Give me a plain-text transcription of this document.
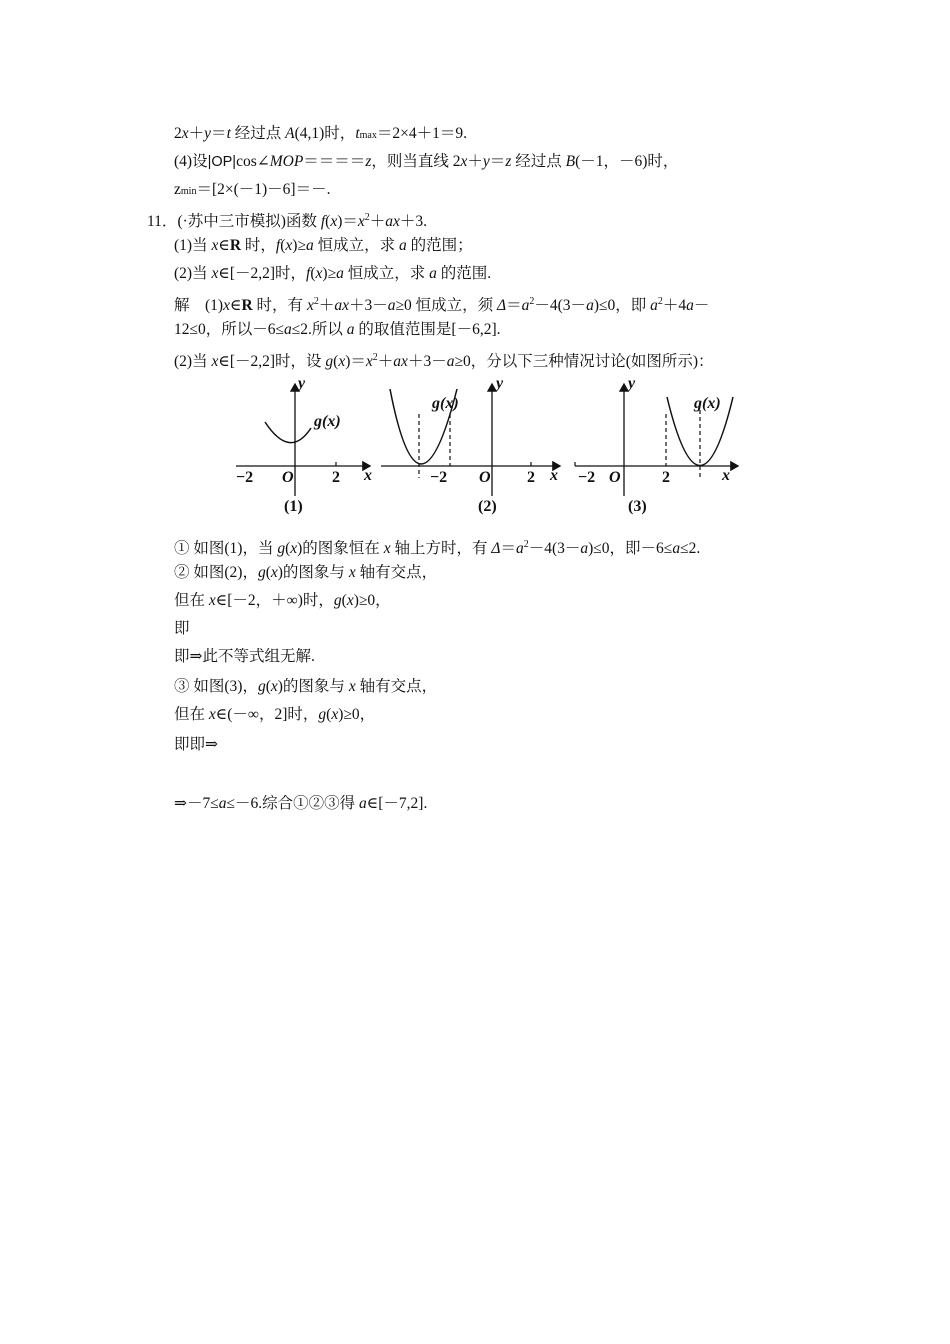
2x＋y＝t 经过点 A(4,1)时，tmax＝2×4＋1＝9.
(4)设|OP|cos∠MOP＝＝＝＝z，则当直线 2x＋y＝z 经过点 B(－1，－6)时，
zmin＝[2×(－1)－6]＝－.
11．(·苏中三市模拟)函数 $f(x)=x^2+ax+3$.
(1)当 x∈R 时，f(x)≥a 恒成立，求 a 的范围；
(2)当 x∈[－2,2]时，f(x)≥a 恒成立，求 a 的范围.
解　(1)x∈R 时，有 $x^2+ax+3-a\ge 0$ 恒成立，须 $\Delta=a^2-4(3-a)\le 0$，即 $a^2+4a-$
12≤0，所以－6≤a≤2.所以 a 的取值范围是[－6,2].
(2)当 x∈[－2,2]时，设 $g(x)=x^2+ax+3-a\ge 0$，分以下三种情况讨论(如图所示)：
y
x
O
−2	2
g(x)
y
x
O
−2	2
g(x)
y
x
O
−2	2
g(x)
(1)	(2)	(3)
① 如图(1)，当 g(x)的图象恒在 x 轴上方时，有 $\Delta=a^2-4(3-a)\le 0$，即－6≤a≤2.
② 如图(2)，g(x)的图象与 x 轴有交点，
但在 x∈[－2，＋∞)时，g(x)≥0，
即
即⇒此不等式组无解.
③ 如图(3)，g(x)的图象与 x 轴有交点，
但在 x∈(－∞，2]时，g(x)≥0，
即即⇒
⇒－7≤a≤－6.综合①②③得 a∈[－7,2].
